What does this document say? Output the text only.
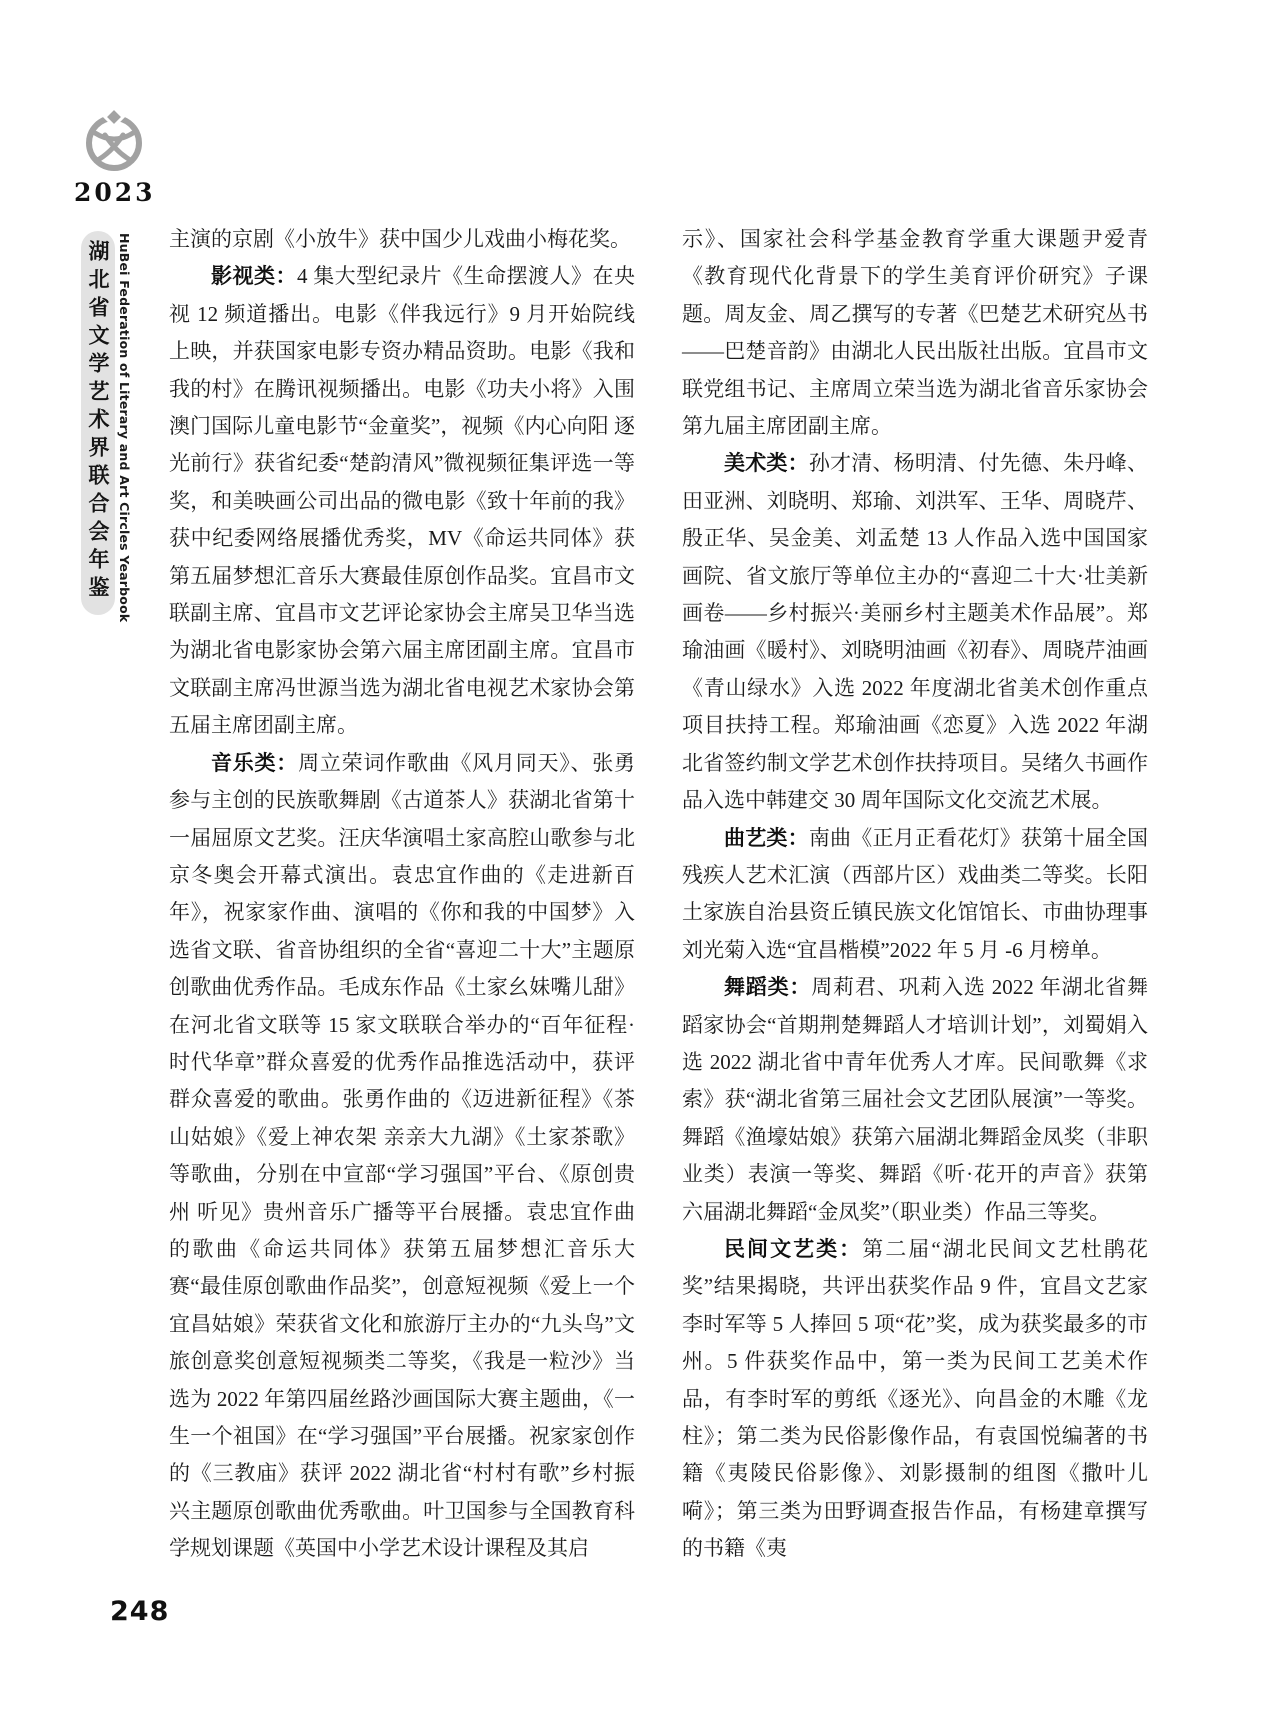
2023
湖北省文学艺术界联合会年鉴 HuBei Federation of Literary and Art Circles Yearbook 主演的京剧《小放牛》获中国少儿戏曲小梅花奖。

影视类：4 集大型纪录片《生命摆渡人》在央视 12 频道播出。电影《伴我远行》9 月开始院线上映，并获国家电影专资办精品资助。电影《我和我的村》在腾讯视频播出。电影《功夫小将》入围澳门国际儿童电影节“金童奖”，视频《内心向阳 逐光前行》获省纪委“楚韵清风”微视频征集评选一等奖，和美映画公司出品的微电影《致十年前的我》获中纪委网络展播优秀奖，MV《命运共同体》获第五届梦想汇音乐大赛最佳原创作品奖。宜昌市文联副主席、宜昌市文艺评论家协会主席吴卫华当选为湖北省电影家协会第六届主席团副主席。宜昌市文联副主席冯世源当选为湖北省电视艺术家协会第五届主席团副主席。

音乐类：周立荣词作歌曲《风月同天》、张勇参与主创的民族歌舞剧《古道茶人》获湖北省第十一届屈原文艺奖。汪庆华演唱土家高腔山歌参与北京冬奥会开幕式演出。袁忠宜作曲的《走进新百年》，祝家家作曲、演唱的《你和我的中国梦》入选省文联、省音协组织的全省“喜迎二十大”主题原创歌曲优秀作品。毛成东作品《土家幺妹嘴儿甜》在河北省文联等 15 家文联联合举办的“百年征程·时代华章”群众喜爱的优秀作品推选活动中，获评群众喜爱的歌曲。张勇作曲的《迈进新征程》《茶山姑娘》《爱上神农架 亲亲大九湖》《土家茶歌》等歌曲，分别在中宣部“学习强国”平台、《原创贵州 听见》贵州音乐广播等平台展播。袁忠宜作曲的歌曲《命运共同体》获第五届梦想汇音乐大赛“最佳原创歌曲作品奖”，创意短视频《爱上一个宜昌姑娘》荣获省文化和旅游厅主办的“九头鸟”文旅创意奖创意短视频类二等奖，《我是一粒沙》当选为 2022 年第四届丝路沙画国际大赛主题曲，《一生一个祖国》在“学习强国”平台展播。祝家家创作的《三教庙》获评 2022 湖北省“村村有歌”乡村振兴主题原创歌曲优秀歌曲。叶卫国参与全国教育科学规划课题《英国中小学艺术设计课程及其启

示》、国家社会科学基金教育学重大课题尹爱青《教育现代化背景下的学生美育评价研究》子课题。周友金、周乙撰写的专著《巴楚艺术研究丛书——巴楚音韵》由湖北人民出版社出版。宜昌市文联党组书记、主席周立荣当选为湖北省音乐家协会第九届主席团副主席。

美术类：孙才清、杨明清、付先德、朱丹峰、田亚洲、刘晓明、郑瑜、刘洪军、王华、周晓芹、殷正华、吴金美、刘孟楚 13 人作品入选中国国家画院、省文旅厅等单位主办的“喜迎二十大·壮美新画卷——乡村振兴·美丽乡村主题美术作品展”。郑瑜油画《暖村》、刘晓明油画《初春》、周晓芹油画《青山绿水》入选 2022 年度湖北省美术创作重点项目扶持工程。郑瑜油画《恋夏》入选 2022 年湖北省签约制文学艺术创作扶持项目。吴绪久书画作品入选中韩建交 30 周年国际文化交流艺术展。

曲艺类：南曲《正月正看花灯》获第十届全国残疾人艺术汇演（西部片区）戏曲类二等奖。长阳土家族自治县资丘镇民族文化馆馆长、市曲协理事刘光菊入选“宜昌楷模”2022 年 5 月 -6 月榜单。

舞蹈类：周莉君、巩莉入选 2022 年湖北省舞蹈家协会“首期荆楚舞蹈人才培训计划”，刘蜀娟入选 2022 湖北省中青年优秀人才库。民间歌舞《求索》获“湖北省第三届社会文艺团队展演”一等奖。舞蹈《渔壕姑娘》获第六届湖北舞蹈金凤奖（非职业类）表演一等奖、舞蹈《听·花开的声音》获第六届湖北舞蹈“金凤奖”（职业类）作品三等奖。

民间文艺类：第二届“湖北民间文艺杜鹃花奖”结果揭晓，共评出获奖作品 9 件，宜昌文艺家李时军等 5 人捧回 5 项“花”奖，成为获奖最多的市州。5 件获奖作品中，第一类为民间工艺美术作品，有李时军的剪纸《逐光》、向昌金的木雕《龙柱》；第二类为民俗影像作品，有袁国悦编著的书籍《夷陵民俗影像》、刘影摄制的组图《撒叶儿嗬》；第三类为田野调查报告作品，有杨建章撰写的书籍《夷

248
